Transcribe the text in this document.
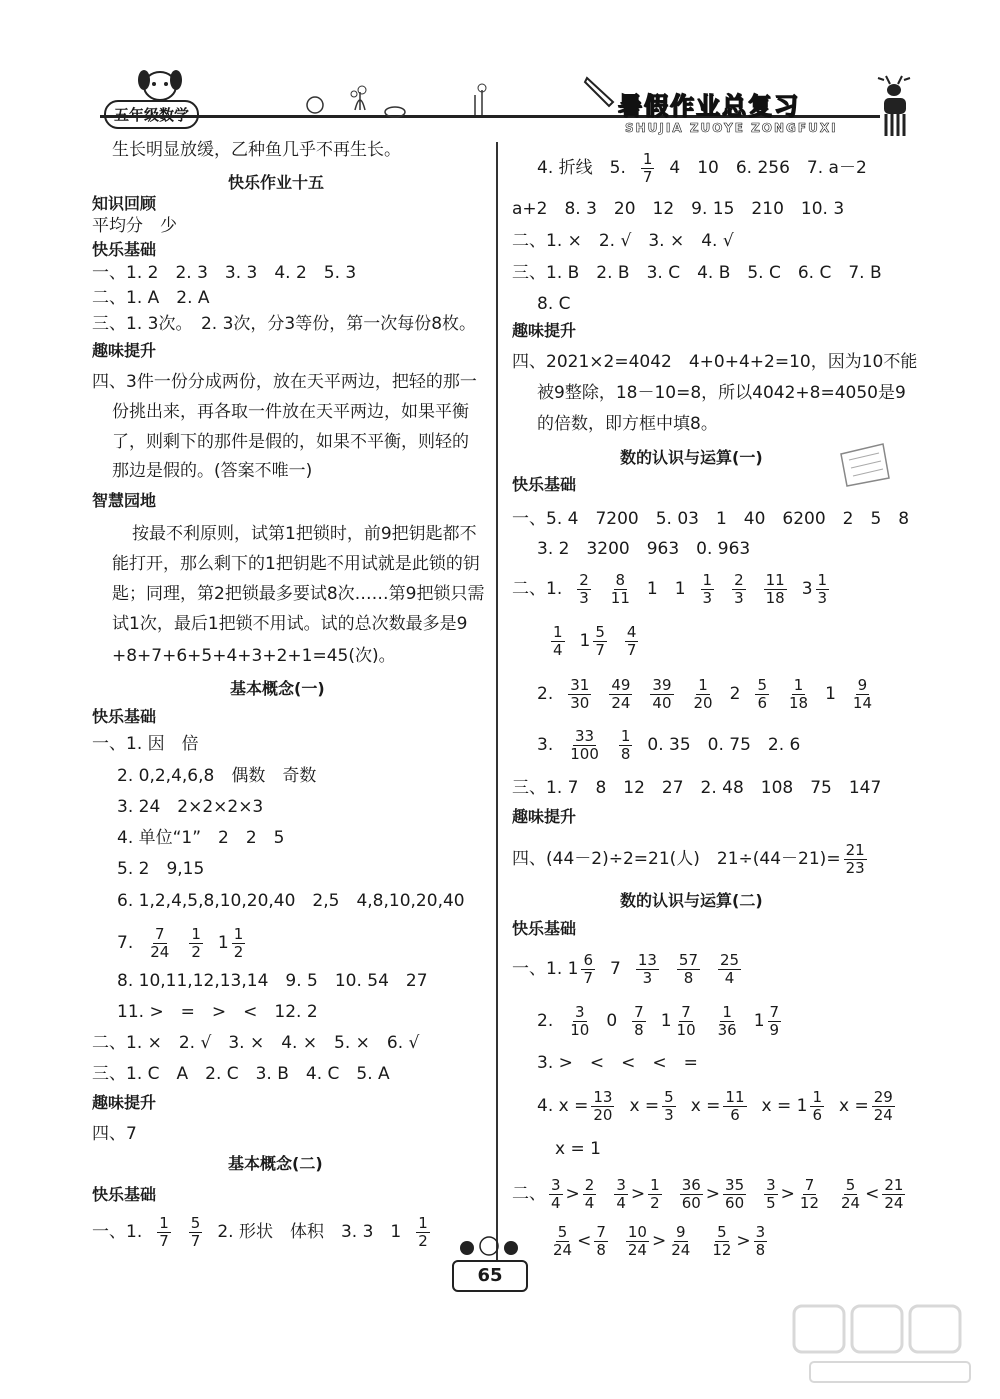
暑假作业总复习
SHUJIA ZUOYE ZONGFUXI
生长明显放缓，乙种鱼几乎不再生长。
快乐作业十五
知识回顾
平均分　少
快乐基础
一、1. 2　2. 3　3. 3　4. 2　5. 3
二、1. A　2. A
三、1. 3次。　2. 3次，分3等份，第一次每份8枚。
趣味提升
四、3件一份分成两份，放在天平两边，把轻的那一
份挑出来，再各取一件放在天平两边，如果平衡
了，则剩下的那件是假的，如果不平衡，则轻的
那边是假的。(答案不唯一)
智慧园地
按最不利原则，试第1把锁时，前9把钥匙都不
能打开，那么剩下的1把钥匙不用试就是此锁的钥
匙；同理，第2把锁最多要试8次……第9把锁只需
试1次，最后1把锁不用试。试的总次数最多是9
+8+7+6+5+4+3+2+1=45(次)。
基本概念(一)
快乐基础
一、1. 因　倍
2. 0,2,4,6,8　偶数　奇数
3. 24　2×2×2×3
4. 单位“1”　2　2　5
5. 2　9,15
6. 1,2,4,5,8,10,20,40　2,5　4,8,10,20,40
7. $\frac{7}{24} \frac{1}{2} 1 \frac{1}{2}$
8. 10,11,12,13,14　9. 5　10. 54　27
11. >　=　>　<　12. 2
二、1. ×　2. √　3. ×　4. ×　5. ×　6. √
三、1. C　A　2. C　3. B　4. C　5. A
趣味提升
四、7
基本概念(二)
快乐基础
一、1. $\frac{1}{7} \frac{5}{7} 2$. 形状　体积　3. 3　$1 \frac{1}{2}$
4. 折线　5. $\frac{1}{7} 4$　10　6. 256　7. a－2
a+2　8. 3　20　12　9. 15　210　10. 3
二、1. ×　2. √　3. ×　4. √
三、1. B　2. B　3. C　4. B　5. C　6. C　7. B
8. C
趣味提升
四、2021×2=4042　4+0+4+2=10，因为10不能
被9整除，18－10=8，所以4042+8=4050是9
的倍数，即方框中填8。
数的认识与运算(一)
快乐基础
一、5. 4　7200　5. 03　1　40　6200　2　5　8
3. 2　3200　963　0. 963
二、1. $\frac{2}{3} \frac{8}{11} 1$　$1 \frac{1}{3} \frac{2}{3} \frac{11}{18} 3 \frac{1}{3}$
$\frac{1}{4} 1 \frac{5}{7} \frac{4}{7}$
2. $\frac{31}{30} \frac{49}{24} \frac{39}{40} \frac{1}{20} 2 \frac{5}{6} \frac{1}{18} 1 \frac{9}{14}$
3. $\frac{33}{100} \frac{1}{8} 0$. 35　0. 75　2. 6
三、1. 7　8　12　27　2. 48　108　75　147
趣味提升
四、(44－2)÷2=21(人)　$21\div(44-21)= \frac{21}{23}$
数的认识与运算(二)
快乐基础
一、1. $1 \frac{6}{7} 7 \frac{13}{3} \frac{57}{8} \frac{25}{4}$
2. $\frac{3}{10} 0 \frac{7}{8} 1 \frac{7}{10} \frac{1}{36} 1 \frac{7}{9}$
3. >　<　<　<　=
4. $x = \frac{13}{20}$ $x = \frac{5}{3}$ $x = \frac{11}{6}$ $x = 1 \frac{1}{6}$ $x = \frac{29}{24}$
x = 1
二、 $\frac{3}{4} > \frac{2}{4} \frac{3}{4} > \frac{1}{2} \frac{36}{60} > \frac{35}{60} \frac{3}{5} > \frac{7}{12} \frac{5}{24} < \frac{21}{24}$
$\frac{5}{24} < \frac{7}{8} \frac{10}{24} > \frac{9}{24} \frac{5}{12} > \frac{3}{8}$
65
